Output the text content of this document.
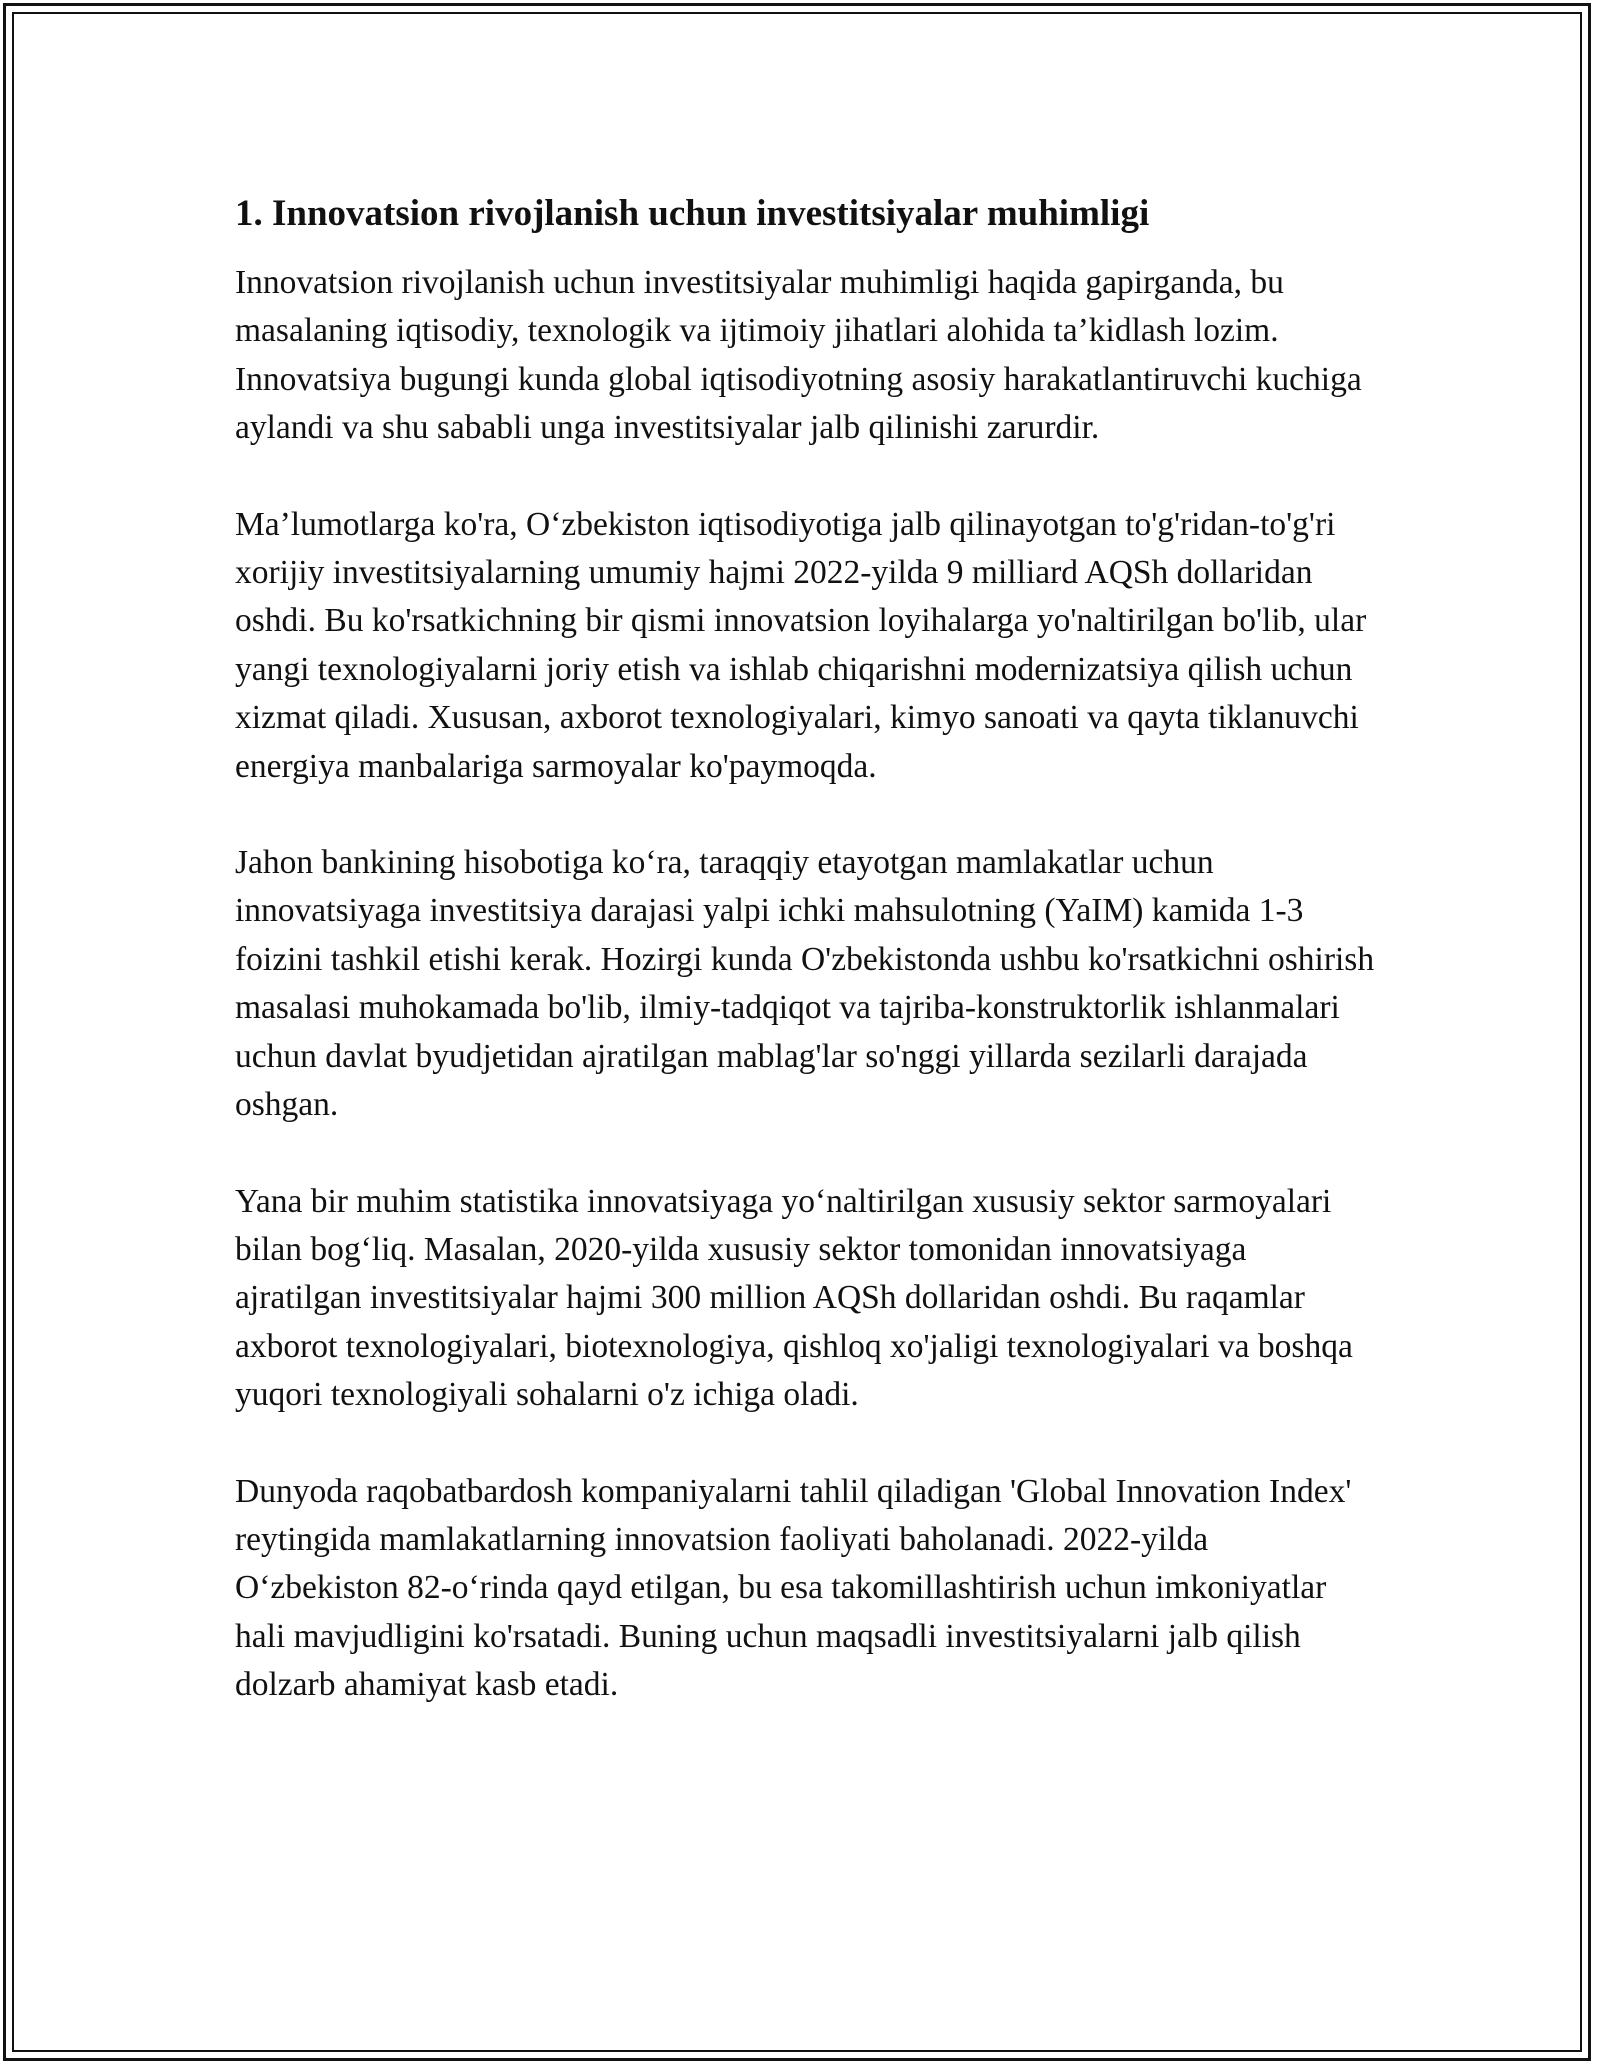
1. Innovatsion rivojlanish uchun investitsiyalar muhimligi

Innovatsion rivojlanish uchun investitsiyalar muhimligi haqida gapirganda, bu masalaning iqtisodiy, texnologik va ijtimoiy jihatlari alohida ta’kidlash lozim. Innovatsiya bugungi kunda global iqtisodiyotning asosiy harakatlantiruvchi kuchiga aylandi va shu sababli unga investitsiyalar jalb qilinishi zarurdir.

Ma’lumotlarga ko'ra, O‘zbekiston iqtisodiyotiga jalb qilinayotgan to'g'ridan-to'g'ri xorijiy investitsiyalarning umumiy hajmi 2022-yilda 9 milliard AQSh dollaridan oshdi. Bu ko'rsatkichning bir qismi innovatsion loyihalarga yo'naltirilgan bo'lib, ular yangi texnologiyalarni joriy etish va ishlab chiqarishni modernizatsiya qilish uchun xizmat qiladi. Xususan, axborot texnologiyalari, kimyo sanoati va qayta tiklanuvchi energiya manbalariga sarmoyalar ko'paymoqda.

Jahon bankining hisobotiga ko‘ra, taraqqiy etayotgan mamlakatlar uchun innovatsiyaga investitsiya darajasi yalpi ichki mahsulotning (YaIM) kamida 1-3 foizini tashkil etishi kerak. Hozirgi kunda O'zbekistonda ushbu ko'rsatkichni oshirish masalasi muhokamada bo'lib, ilmiy-tadqiqot va tajriba-konstruktorlik ishlanmalari uchun davlat byudjetidan ajratilgan mablag'lar so'nggi yillarda sezilarli darajada oshgan.

Yana bir muhim statistika innovatsiyaga yo‘naltirilgan xususiy sektor sarmoyalari bilan bog‘liq. Masalan, 2020-yilda xususiy sektor tomonidan innovatsiyaga ajratilgan investitsiyalar hajmi 300 million AQSh dollaridan oshdi. Bu raqamlar axborot texnologiyalari, biotexnologiya, qishloq xo'jaligi texnologiyalari va boshqa yuqori texnologiyali sohalarni o'z ichiga oladi.

Dunyoda raqobatbardosh kompaniyalarni tahlil qiladigan 'Global Innovation Index' reytingida mamlakatlarning innovatsion faoliyati baholanadi. 2022-yilda O‘zbekiston 82-o‘rinda qayd etilgan, bu esa takomillashtirish uchun imkoniyatlar hali mavjudligini ko'rsatadi. Buning uchun maqsadli investitsiyalarni jalb qilish dolzarb ahamiyat kasb etadi.
